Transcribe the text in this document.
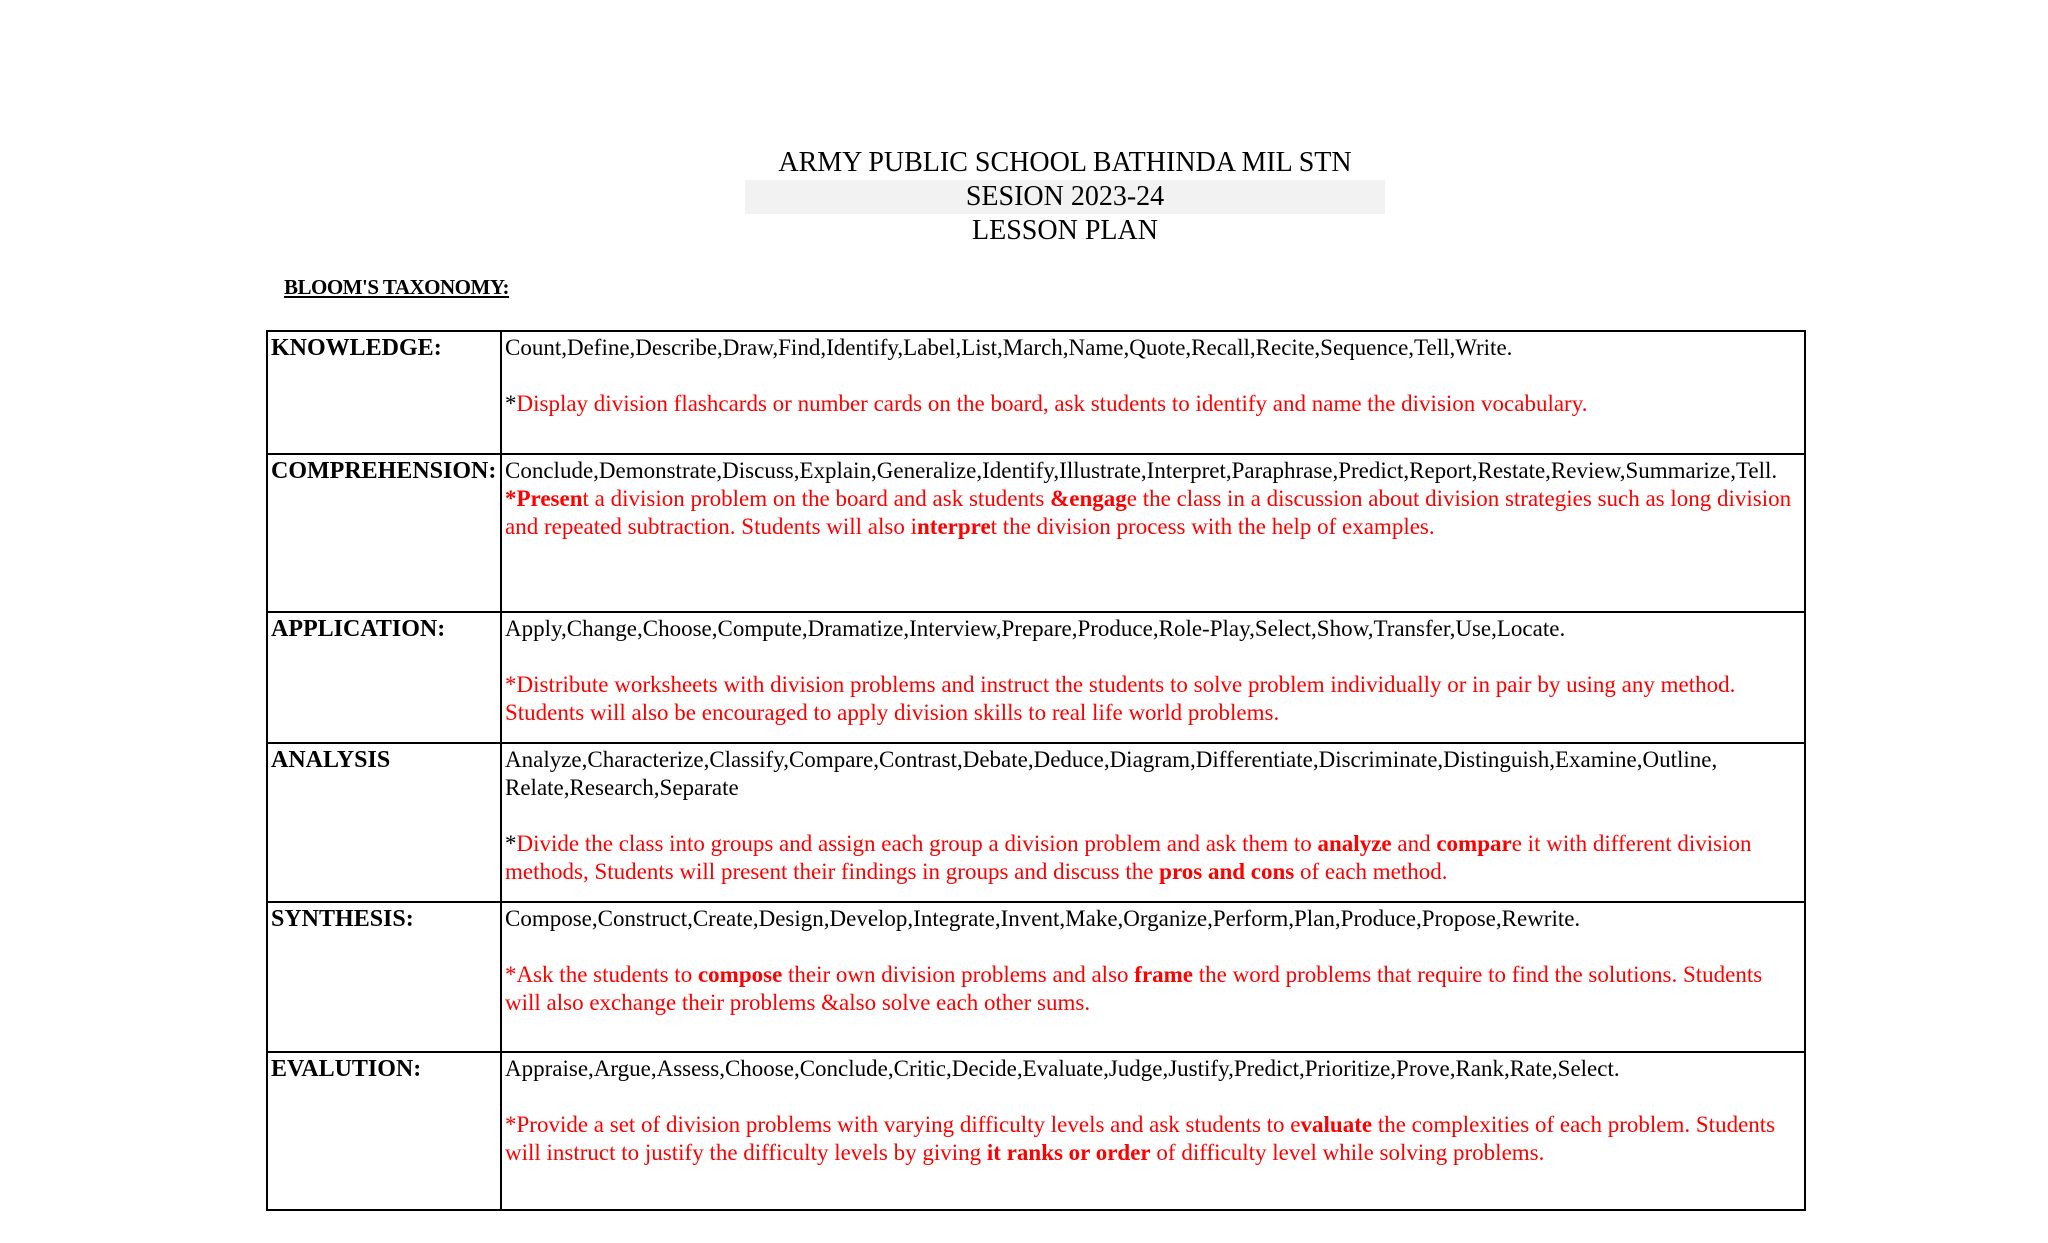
ARMY PUBLIC SCHOOL BATHINDA MIL STN
SESION 2023-24
LESSON PLAN
BLOOM'S TAXONOMY:
KNOWLEDGE:	Count,Define,Describe,Draw,Find,Identify,Label,List,March,Name,Quote,Recall,Recite,Sequence,Tell,Write.
*Display division flashcards or number cards on the board, ask students to identify and name the division vocabulary.

COMPREHENSION:	Conclude,Demonstrate,Discuss,Explain,Generalize,Identify,Illustrate,Interpret,Paraphrase,Predict,Report,Restate,Review,Summarize,Tell.
*Present a division problem on the board and ask students &engage the class in a discussion about division strategies such as long division and repeated subtraction. Students will also interpret the division process with the help of examples.

APPLICATION:	Apply,Change,Choose,Compute,Dramatize,Interview,Prepare,Produce,Role-Play,Select,Show,Transfer,Use,Locate.
*Distribute worksheets with division problems and instruct the students to solve problem individually or in pair by using any method. Students will also be encouraged to apply division skills to real life world problems.

ANALYSIS	Analyze,Characterize,Classify,Compare,Contrast,Debate,Deduce,Diagram,Differentiate,Discriminate,Distinguish,Examine,Outline, Relate,Research,Separate
*Divide the class into groups and assign each group a division problem and ask them to analyze and compare it with different division methods, Students will present their findings in groups and discuss the pros and cons of each method.

SYNTHESIS:	Compose,Construct,Create,Design,Develop,Integrate,Invent,Make,Organize,Perform,Plan,Produce,Propose,Rewrite.
*Ask the students to compose their own division problems and also frame the word problems that require to find the solutions. Students will also exchange their problems &also solve each other sums.

EVALUTION:	Appraise,Argue,Assess,Choose,Conclude,Critic,Decide,Evaluate,Judge,Justify,Predict,Prioritize,Prove,Rank,Rate,Select.
*Provide a set of division problems with varying difficulty levels and ask students to evaluate the complexities of each problem. Students will instruct to justify the difficulty levels by giving it ranks or order of difficulty level while solving problems.
